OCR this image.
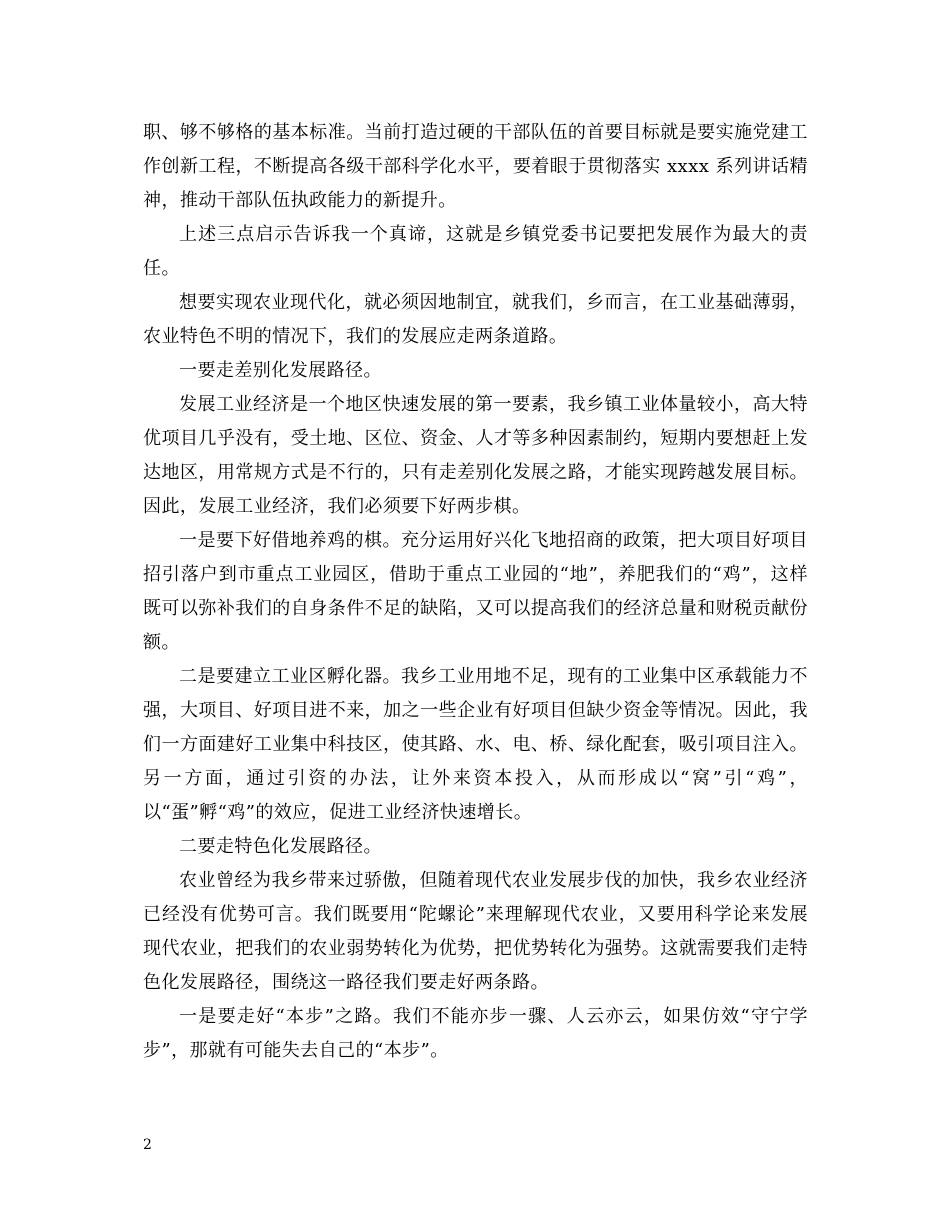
职、够不够格的基本标准。当前打造过硬的干部队伍的首要目标就是要实施党建工作创新工程，不断提高各级干部科学化水平，要着眼于贯彻落实 xxxx 系列讲话精神，推动干部队伍执政能力的新提升。

上述三点启示告诉我一个真谛，这就是乡镇党委书记要把发展作为最大的责任。

想要实现农业现代化，就必须因地制宜，就我们，乡而言，在工业基础薄弱，农业特色不明的情况下，我们的发展应走两条道路。

一要走差别化发展路径。

发展工业经济是一个地区快速发展的第一要素，我乡镇工业体量较小，高大特优项目几乎没有，受土地、区位、资金、人才等多种因素制约，短期内要想赶上发达地区，用常规方式是不行的，只有走差别化发展之路，才能实现跨越发展目标。因此，发展工业经济，我们必须要下好两步棋。

一是要下好借地养鸡的棋。充分运用好兴化飞地招商的政策，把大项目好项目招引落户到市重点工业园区，借助于重点工业园的“地”，养肥我们的“鸡”，这样既可以弥补我们的自身条件不足的缺陷，又可以提高我们的经济总量和财税贡献份额。

二是要建立工业区孵化器。我乡工业用地不足，现有的工业集中区承载能力不强，大项目、好项目进不来，加之一些企业有好项目但缺少资金等情况。因此，我们一方面建好工业集中科技区，使其路、水、电、桥、绿化配套，吸引项目注入。另一方面，通过引资的办法，让外来资本投入，从而形成以“窝”引“鸡”，以“蛋”孵“鸡”的效应，促进工业经济快速增长。

二要走特色化发展路径。

农业曾经为我乡带来过骄傲，但随着现代农业发展步伐的加快，我乡农业经济已经没有优势可言。我们既要用“陀螺论”来理解现代农业，又要用科学论来发展现代农业，把我们的农业弱势转化为优势，把优势转化为强势。这就需要我们走特色化发展路径，围绕这一路径我们要走好两条路。

一是要走好“本步”之路。我们不能亦步一骤、人云亦云，如果仿效“守宁学步”，那就有可能失去自己的“本步”。

2
